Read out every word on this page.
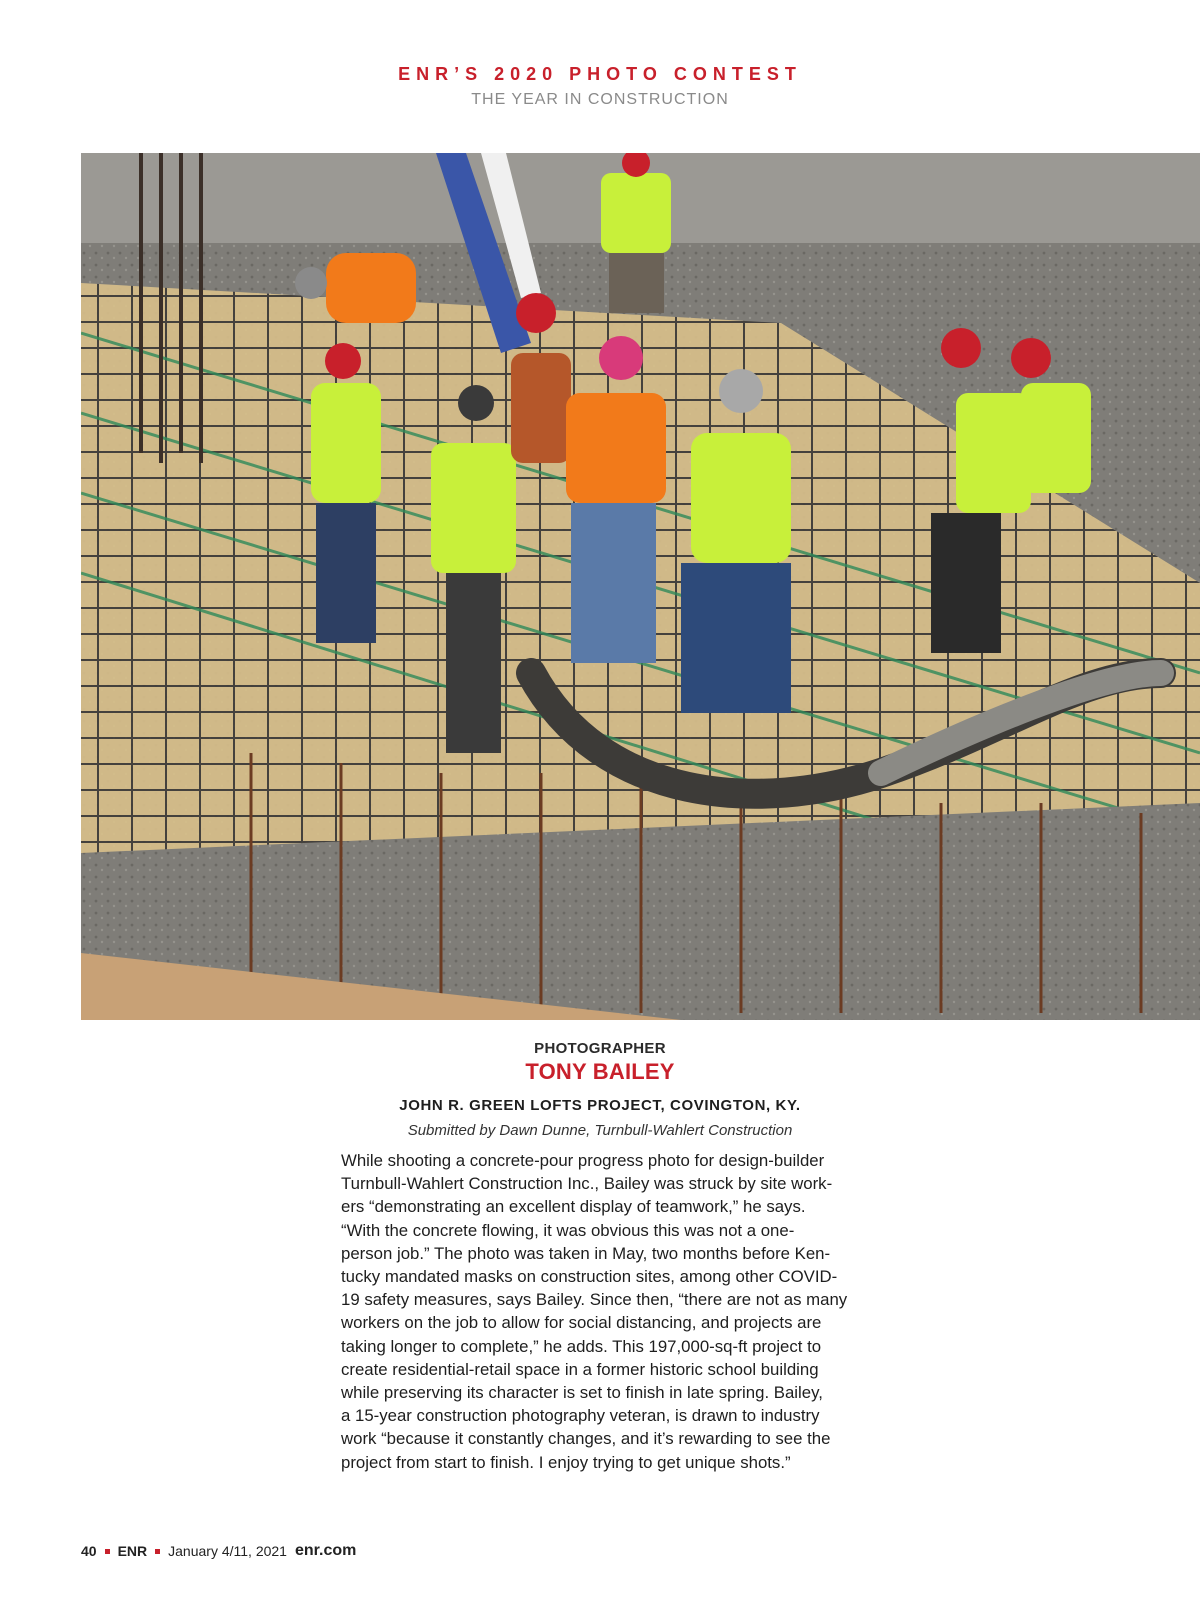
ENR’S 2020 PHOTO CONTEST
THE YEAR IN CONSTRUCTION
PHOTOGRAPHER
TONY BAILEY
JOHN R. GREEN LOFTS PROJECT, COVINGTON, KY.
Submitted by Dawn Dunne, Turnbull-Wahlert Construction
While shooting a concrete-pour progress photo for design-builder
Turnbull-Wahlert Construction Inc., Bailey was struck by site work-
ers “demonstrating an excellent display of teamwork,” he says.
“With the concrete flowing, it was obvious this was not a one-
person job.” The photo was taken in May, two months before Ken-
tucky mandated masks on construction sites, among other COVID-
19 safety measures, says Bailey. Since then, “there are not as many
workers on the job to allow for social distancing, and projects are
taking longer to complete,” he adds. This 197,000-sq-ft project to
create residential-retail space in a former historic school building
while preserving its character is set to finish in late spring. Bailey,
a 15-year construction photography veteran, is drawn to industry
work “because it constantly changes, and it’s rewarding to see the
project from start to finish. I enjoy trying to get unique shots.”
40 ENR January 4/11, 2021 enr.com
